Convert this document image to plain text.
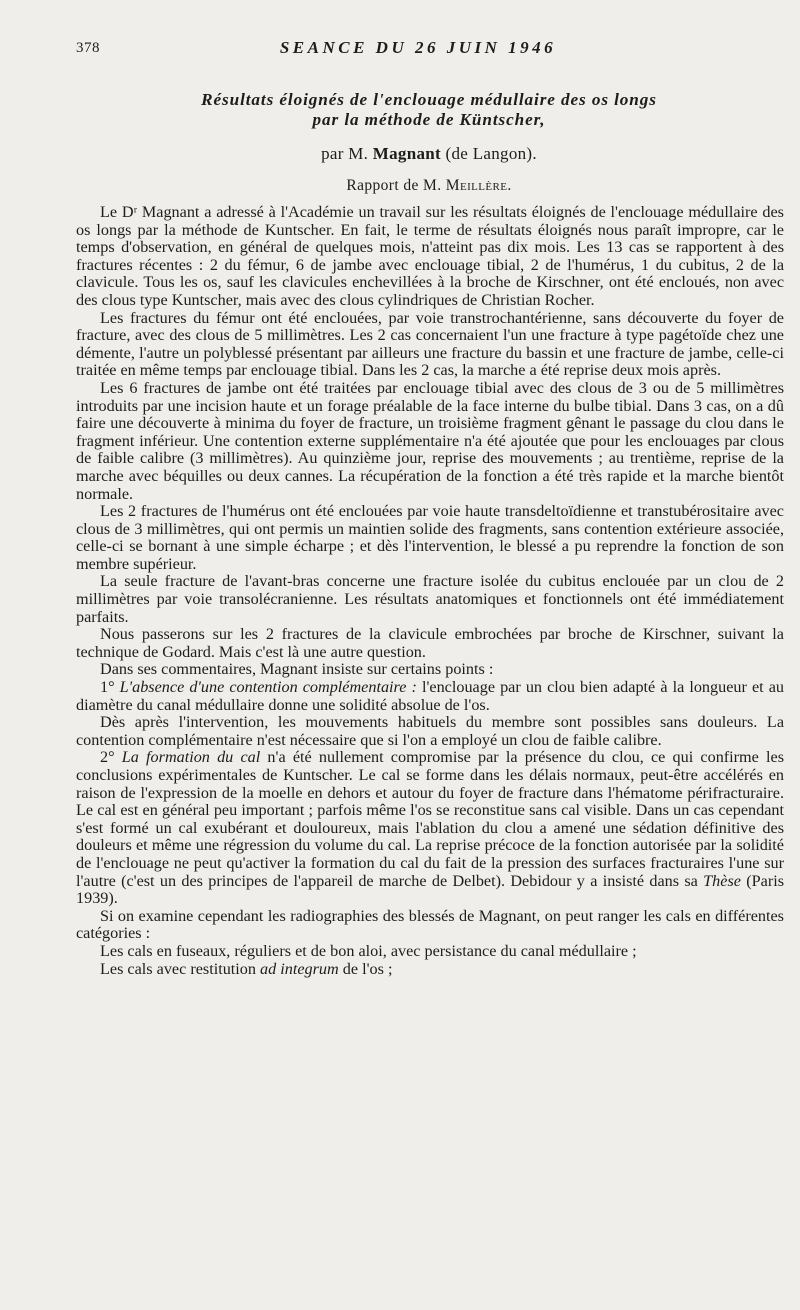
378	SEANCE DU 26 JUIN 1946

Résultats éloignés de l'enclouage médullaire des os longs

par la méthode de Küntscher,

par M. Magnant (de Langon).
Rapport de M. Meillère.

Le Dʳ Magnant a adressé à l'Académie un travail sur les résultats éloignés de l'enclouage médullaire des os longs par la méthode de Kuntscher. En fait, le terme de résultats éloignés nous paraît impropre, car le temps d'observation, en général de quelques mois, n'atteint pas dix mois. Les 13 cas se rapportent à des fractures récentes : 2 du fémur, 6 de jambe avec enclouage tibial, 2 de l'humérus, 1 du cubitus, 2 de la clavicule. Tous les os, sauf les clavicules enchevillées à la broche de Kirschner, ont été encloués, non avec des clous type Kuntscher, mais avec des clous cylindriques de Christian Rocher.

Les fractures du fémur ont été enclouées, par voie transtrochantérienne, sans découverte du foyer de fracture, avec des clous de 5 millimètres. Les 2 cas concernaient l'un une fracture à type pagétoïde chez une démente, l'autre un polyblessé présentant par ailleurs une fracture du bassin et une fracture de jambe, celle-ci traitée en même temps par enclouage tibial. Dans les 2 cas, la marche a été reprise deux mois après.

Les 6 fractures de jambe ont été traitées par enclouage tibial avec des clous de 3 ou de 5 millimètres introduits par une incision haute et un forage préalable de la face interne du bulbe tibial. Dans 3 cas, on a dû faire une découverte à minima du foyer de fracture, un troisième fragment gênant le passage du clou dans le fragment inférieur. Une contention externe supplémentaire n'a été ajoutée que pour les enclouages par clous de faible calibre (3 millimètres). Au quinzième jour, reprise des mouvements ; au trentième, reprise de la marche avec béquilles ou deux cannes. La récupération de la fonction a été très rapide et la marche bientôt normale.

Les 2 fractures de l'humérus ont été enclouées par voie haute transdeltoïdienne et transtubérositaire avec clous de 3 millimètres, qui ont permis un maintien solide des fragments, sans contention extérieure associée, celle-ci se bornant à une simple écharpe ; et dès l'intervention, le blessé a pu reprendre la fonction de son membre supérieur.

La seule fracture de l'avant-bras concerne une fracture isolée du cubitus enclouée par un clou de 2 millimètres par voie transolécranienne. Les résultats anatomiques et fonctionnels ont été immédiatement parfaits.

Nous passerons sur les 2 fractures de la clavicule embrochées par broche de Kirschner, suivant la technique de Godard. Mais c'est là une autre question.

Dans ses commentaires, Magnant insiste sur certains points :

1° L'absence d'une contention complémentaire : l'enclouage par un clou bien adapté à la longueur et au diamètre du canal médullaire donne une solidité absolue de l'os.

Dès après l'intervention, les mouvements habituels du membre sont possibles sans douleurs. La contention complémentaire n'est nécessaire que si l'on a employé un clou de faible calibre.

2° La formation du cal n'a été nullement compromise par la présence du clou, ce qui confirme les conclusions expérimentales de Kuntscher. Le cal se forme dans les délais normaux, peut-être accélérés en raison de l'expression de la moelle en dehors et autour du foyer de fracture dans l'hématome périfracturaire. Le cal est en général peu important ; parfois même l'os se reconstitue sans cal visible. Dans un cas cependant s'est formé un cal exubérant et douloureux, mais l'ablation du clou a amené une sédation définitive des douleurs et même une régression du volume du cal. La reprise précoce de la fonction autorisée par la solidité de l'enclouage ne peut qu'activer la formation du cal du fait de la pression des surfaces fracturaires l'une sur l'autre (c'est un des principes de l'appareil de marche de Delbet). Debidour y a insisté dans sa Thèse (Paris 1939).

Si on examine cependant les radiographies des blessés de Magnant, on peut ranger les cals en différentes catégories :

Les cals en fuseaux, réguliers et de bon aloi, avec persistance du canal médullaire ;

Les cals avec restitution ad integrum de l'os ;
